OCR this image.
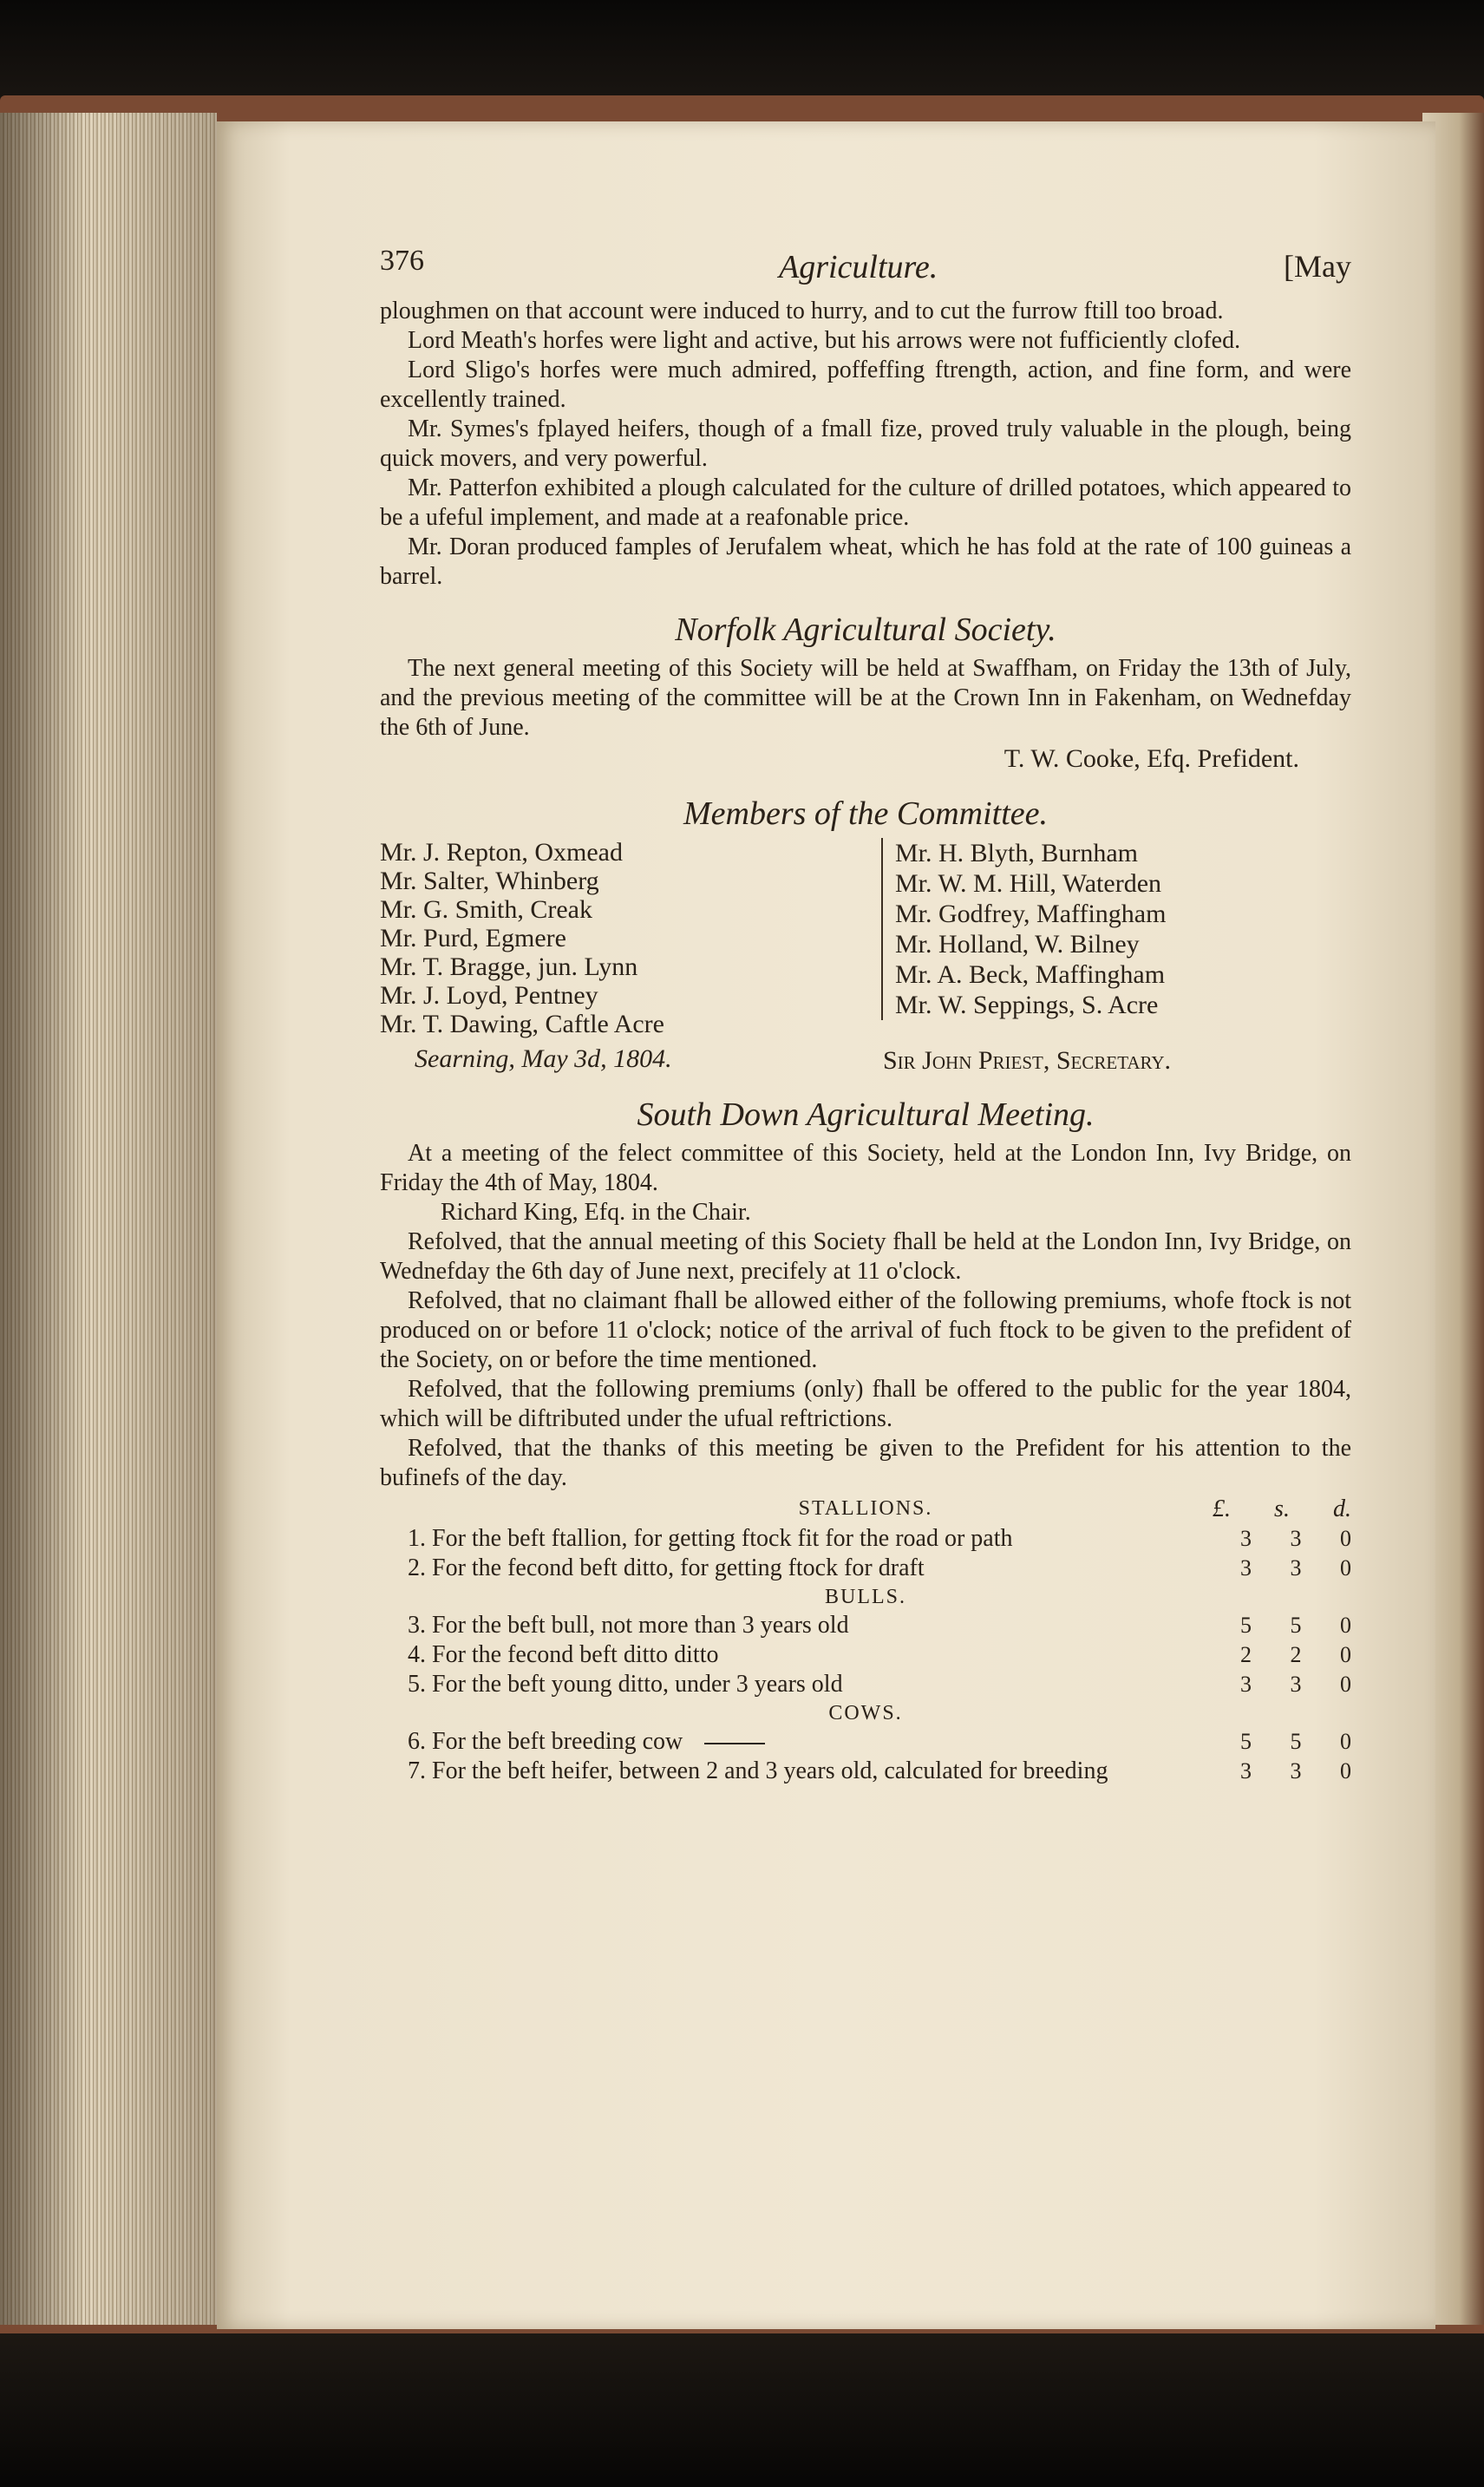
376	Agriculture.	[May

ploughmen on that account were induced to hurry, and to cut the furrow ftill too broad.

Lord Meath's horfes were light and active, but his arrows were not fufficiently clofed.

Lord Sligo's horfes were much admired, poffeffing ftrength, action, and fine form, and were excellently trained.

Mr. Symes's fplayed heifers, though of a fmall fize, proved truly valuable in the plough, being quick movers, and very powerful.

Mr. Patterfon exhibited a plough calculated for the culture of drilled potatoes, which appeared to be a ufeful implement, and made at a reafonable price.

Mr. Doran produced famples of Jerufalem wheat, which he has fold at the rate of 100 guineas a barrel.

Norfolk Agricultural Society.

The next general meeting of this Society will be held at Swaffham, on Friday the 13th of July, and the previous meeting of the committee will be at the Crown Inn in Fakenham, on Wednefday the 6th of June.

T. W. Cooke, Efq. Prefident.
Members of the Committee.
Mr. J. Repton, Oxmead
Mr. Salter, Whinberg
Mr. G. Smith, Creak
Mr. Purd, Egmere
Mr. T. Bragge, jun. Lynn
Mr. J. Loyd, Pentney
Mr. T. Dawing, Caftle Acre
Mr. H. Blyth, Burnham
Mr. W. M. Hill, Waterden
Mr. Godfrey, Maffingham
Mr. Holland, W. Bilney
Mr. A. Beck, Maffingham
Mr. W. Seppings, S. Acre
Searning, May 3d, 1804.	Sir John Priest, Secretary.
South Down Agricultural Meeting.

At a meeting of the felect committee of this Society, held at the London Inn, Ivy Bridge, on Friday the 4th of May, 1804.

Richard King, Efq. in the Chair.

Refolved, that the annual meeting of this Society fhall be held at the London Inn, Ivy Bridge, on Wednefday the 6th day of June next, precifely at 11 o'clock.

Refolved, that no claimant fhall be allowed either of the following premiums, whofe ftock is not produced on or before 11 o'clock; notice of the arrival of fuch ftock to be given to the prefident of the Society, on or before the time mentioned.

Refolved, that the following premiums (only) fhall be offered to the public for the year 1804, which will be diftributed under the ufual reftrictions.

Refolved, that the thanks of this meeting be given to the Prefident for his attention to the bufinefs of the day.

STALLIONS.	£. s. d.
1. For the beft ftallion, for getting ftock fit for the road or path	3	3	0
2. For the fecond beft ditto, for getting ftock for draft	3	3	0
BULLS.
3. For the beft bull, not more than 3 years old	5	5	0
4. For the fecond beft ditto ditto	2	2	0
5. For the beft young ditto, under 3 years old	3	3	0
COWS.
6. For the beft breeding cow	5	5	0
7. For the beft heifer, between 2 and 3 years old, calculated for breeding	3	3	0
